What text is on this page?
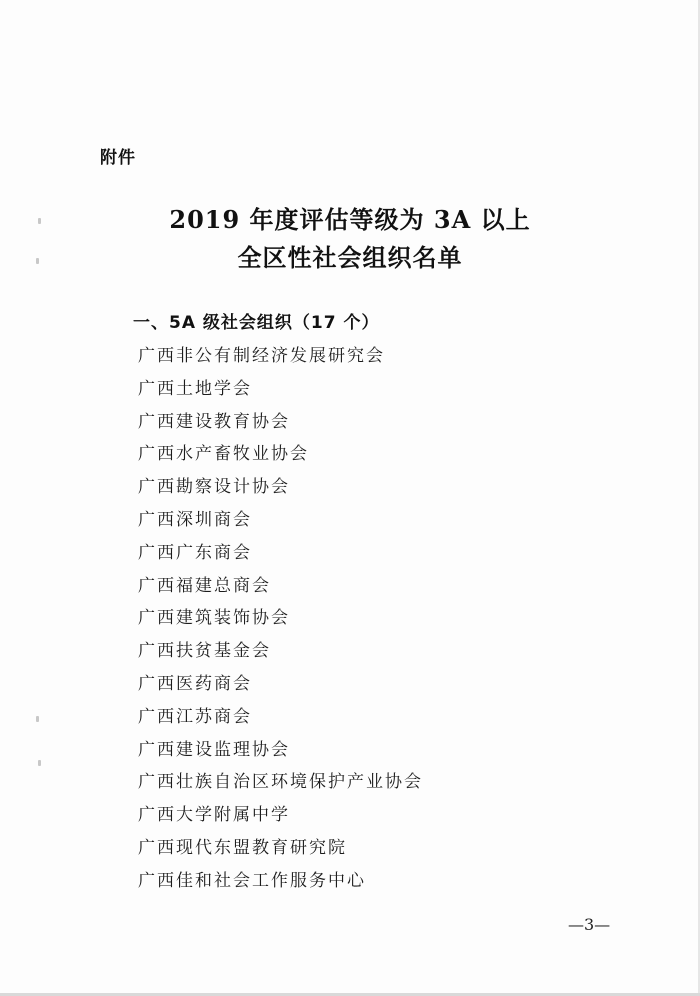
附件
2019 年度评估等级为 3A 以上
全区性社会组织名单
一、5A 级社会组织（17 个）
广西非公有制经济发展研究会
广西土地学会
广西建设教育协会
广西水产畜牧业协会
广西勘察设计协会
广西深圳商会
广西广东商会
广西福建总商会
广西建筑装饰协会
广西扶贫基金会
广西医药商会
广西江苏商会
广西建设监理协会
广西壮族自治区环境保护产业协会
广西大学附属中学
广西现代东盟教育研究院
广西佳和社会工作服务中心
—3—
